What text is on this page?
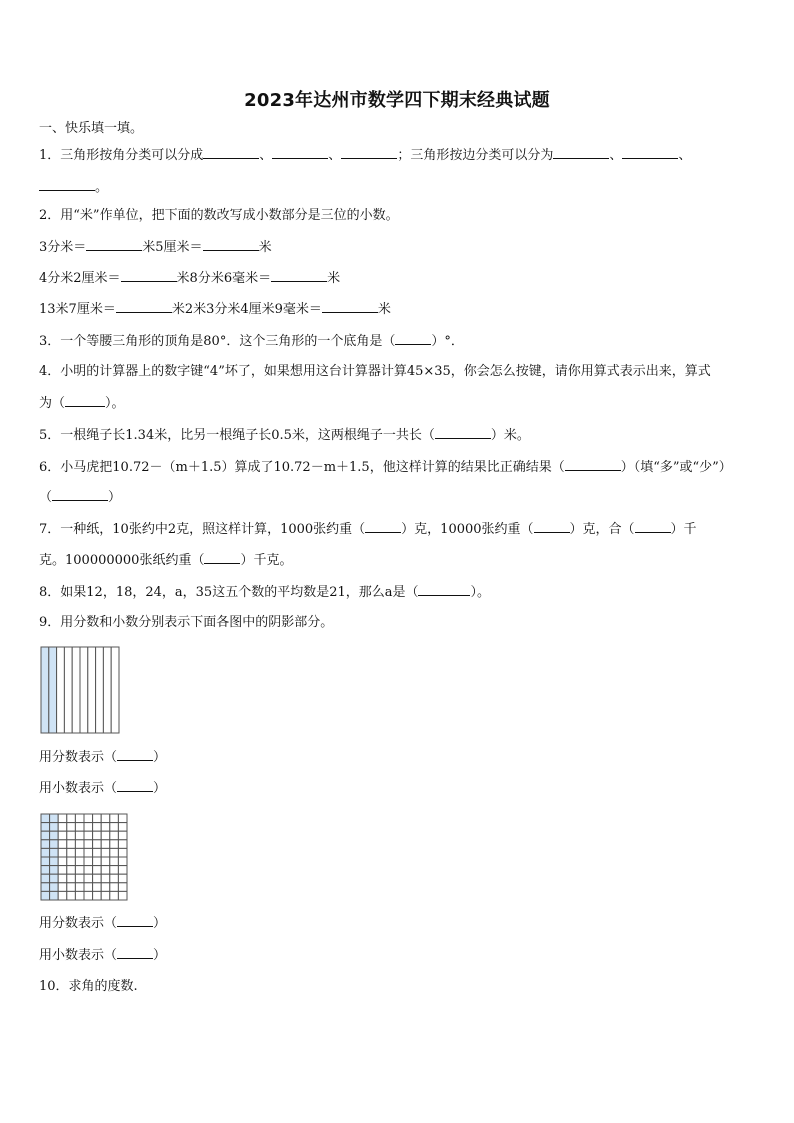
2023年达州市数学四下期末经典试题
一、快乐填一填。
1．三角形按角分类可以分成	、	、	；三角形按边分类可以分为	、	、
。
2．用“米”作单位，把下面的数改写成小数部分是三位的小数。
3分米＝	米5厘米＝	米
4分米2厘米＝	米8分米6毫米＝	米
13米7厘米＝	米2米3分米4厘米9毫米＝	米
3．一个等腰三角形的顶角是80°．这个三角形的一个底角是（	）°．
4．小明的计算器上的数字键“4”坏了，如果想用这台计算器计算45×35，你会怎么按键，请你用算式表示出来，算式
为（	）。
5．一根绳子长1.34米，比另一根绳子长0.5米，这两根绳子一共长（	）米。
6．小马虎把10.72－（m＋1.5）算成了10.72－m＋1.5，他这样计算的结果比正确结果（	）（填“多”或“少”）
（	）
7．一种纸，10张约中2克，照这样计算，1000张约重（	）克，10000张约重（	）克，合（	）千
克。100000000张纸约重（	）千克。
8．如果12，18，24，a，35这五个数的平均数是21，那么a是（	）。
9．用分数和小数分别表示下面各图中的阴影部分。
用分数表示（	）
用小数表示（	）
用分数表示（	）
用小数表示（	）
10．求角的度数.
